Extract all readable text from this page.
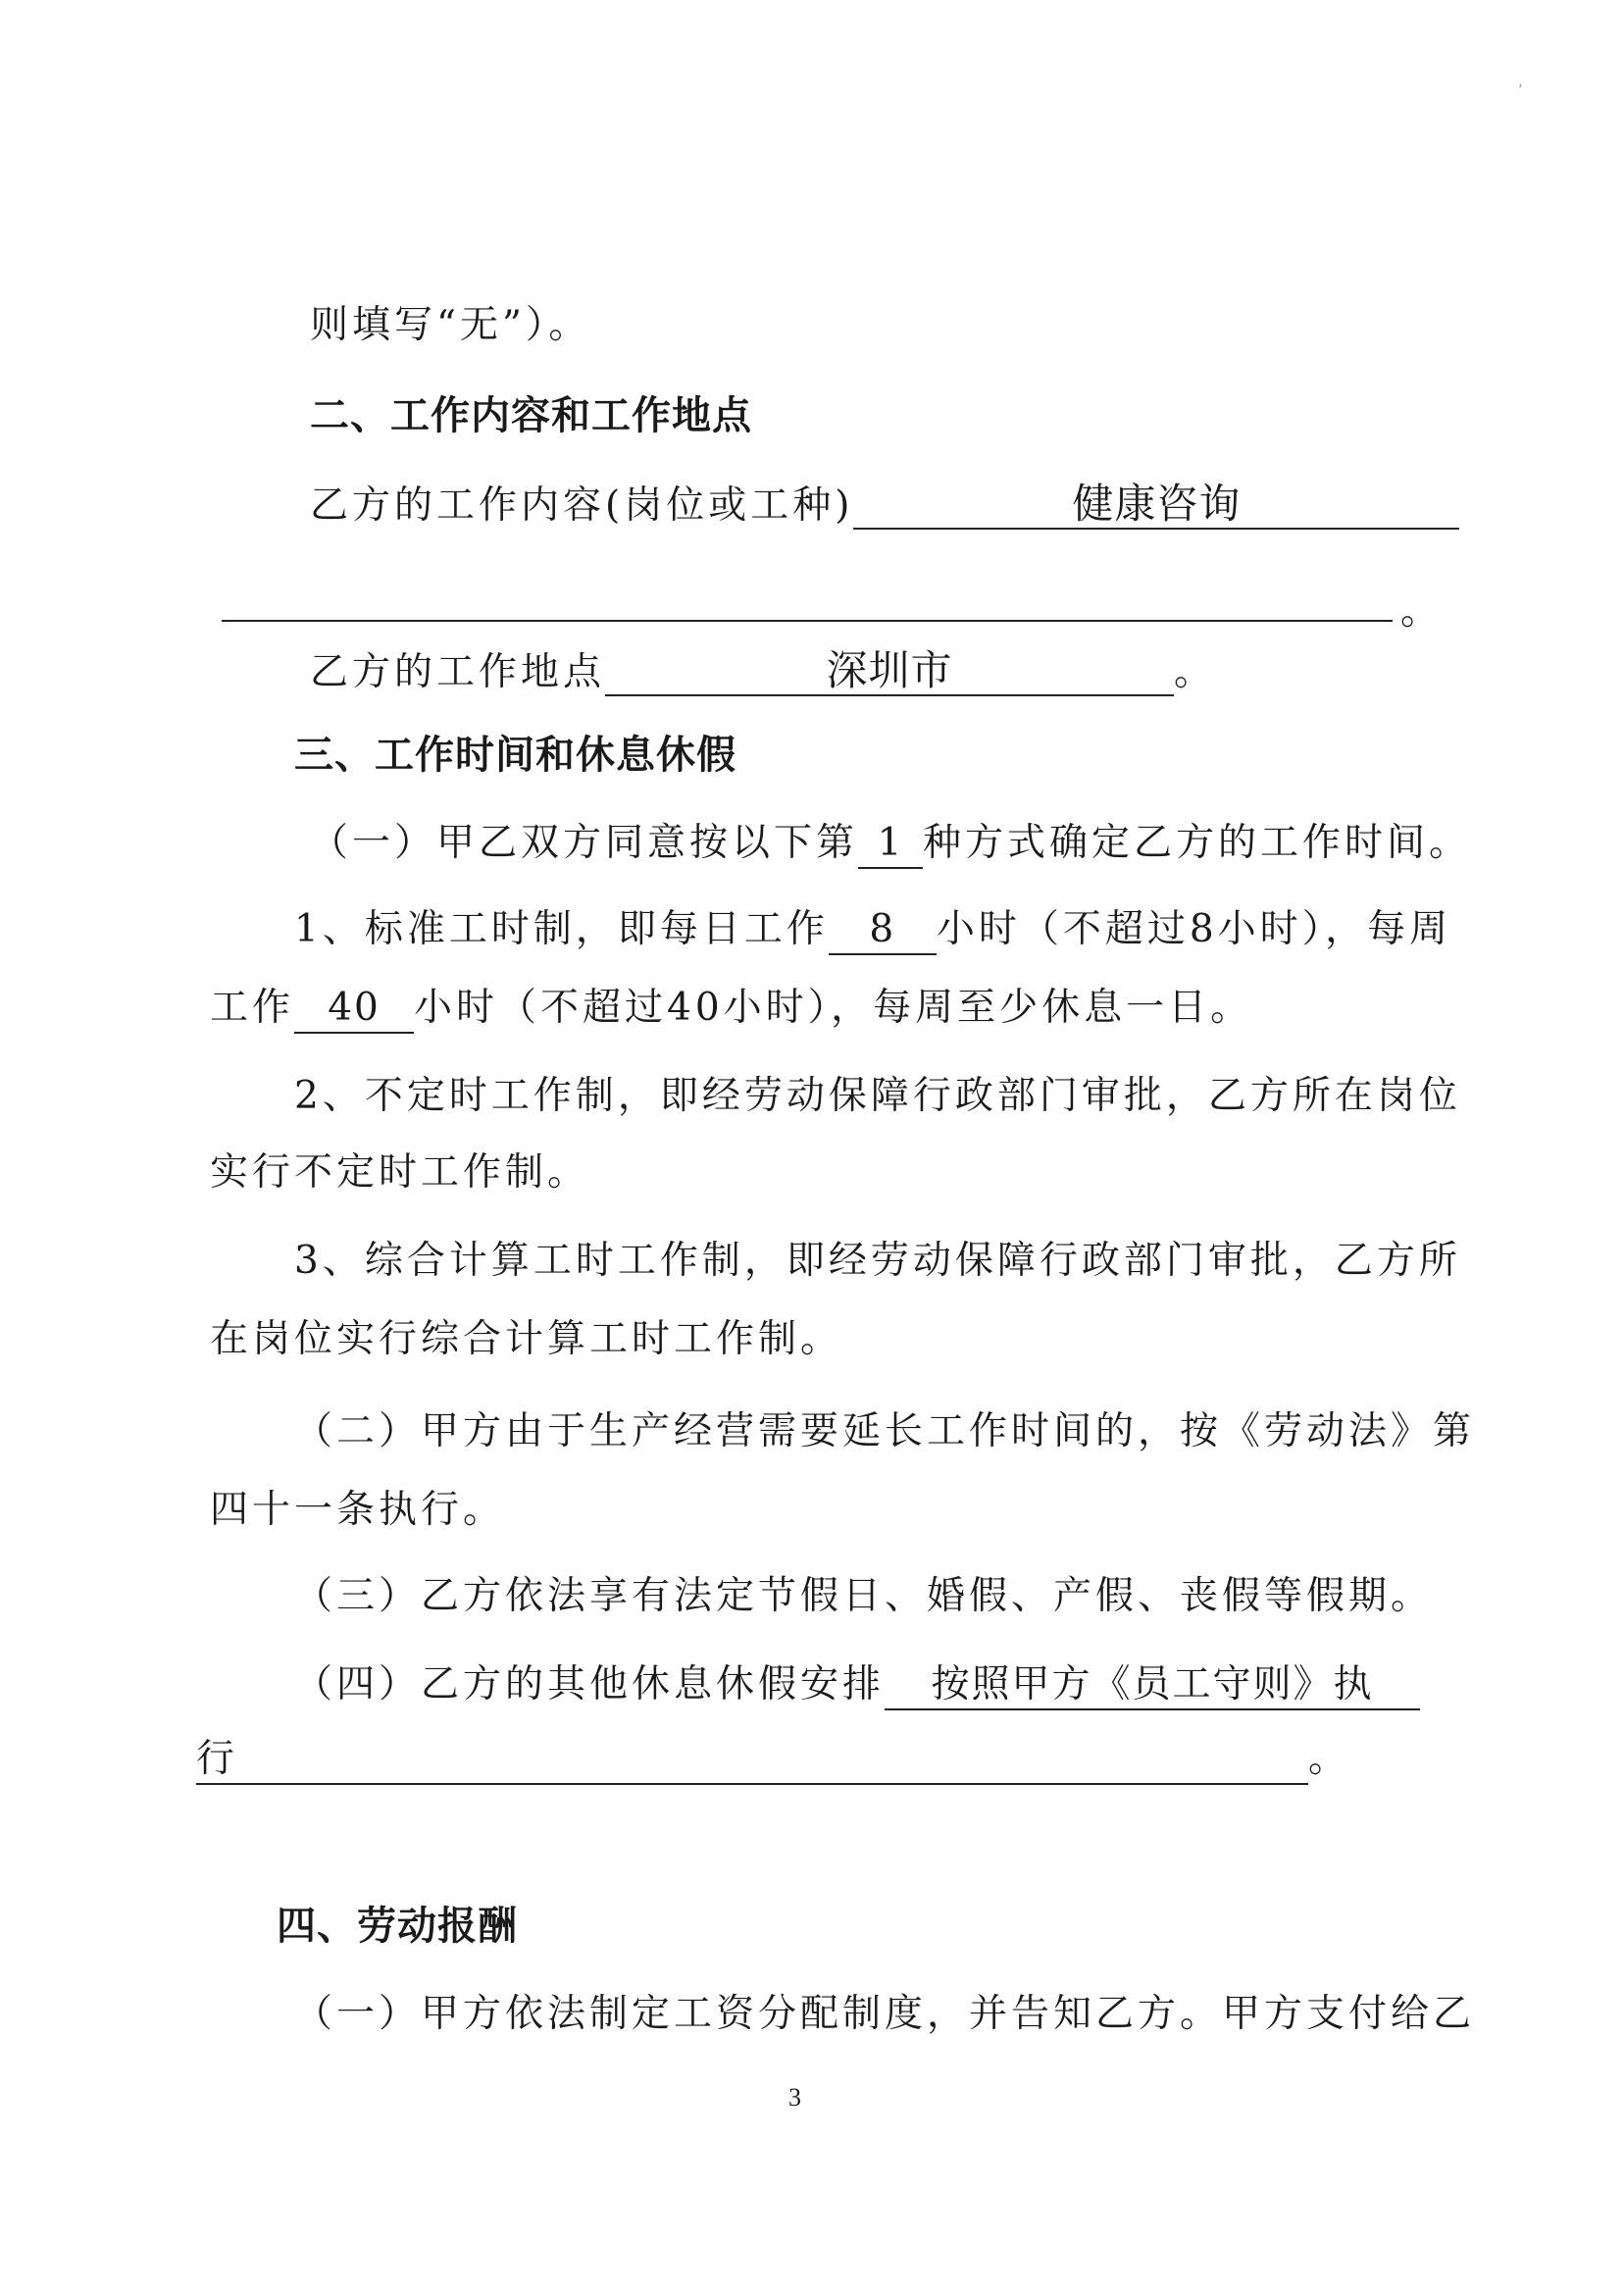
‘
则填写“无”）。
二、工作内容和工作地点
乙方的工作内容(岗位或工种)	健康咨询
。
乙方的工作地点	深圳市	。
三、工作时间和休息休假
（一）甲乙双方同意按以下第 1 种方式确定乙方的工作时间。
1、标准工时制，即每日工作 8 小时（不超过8小时），每周
工作 40 小时（不超过40小时），每周至少休息一日。
2、不定时工作制，即经劳动保障行政部门审批，乙方所在岗位
实行不定时工作制。
3、综合计算工时工作制，即经劳动保障行政部门审批，乙方所
在岗位实行综合计算工时工作制。
（二）甲方由于生产经营需要延长工作时间的，按《劳动法》第
四十一条执行。
（三）乙方依法享有法定节假日、婚假、产假、丧假等假期。
（四）乙方的其他休息休假安排 按照甲方《员工守则》执
行	。
四、劳动报酬
（一）甲方依法制定工资分配制度，并告知乙方。甲方支付给乙
3
